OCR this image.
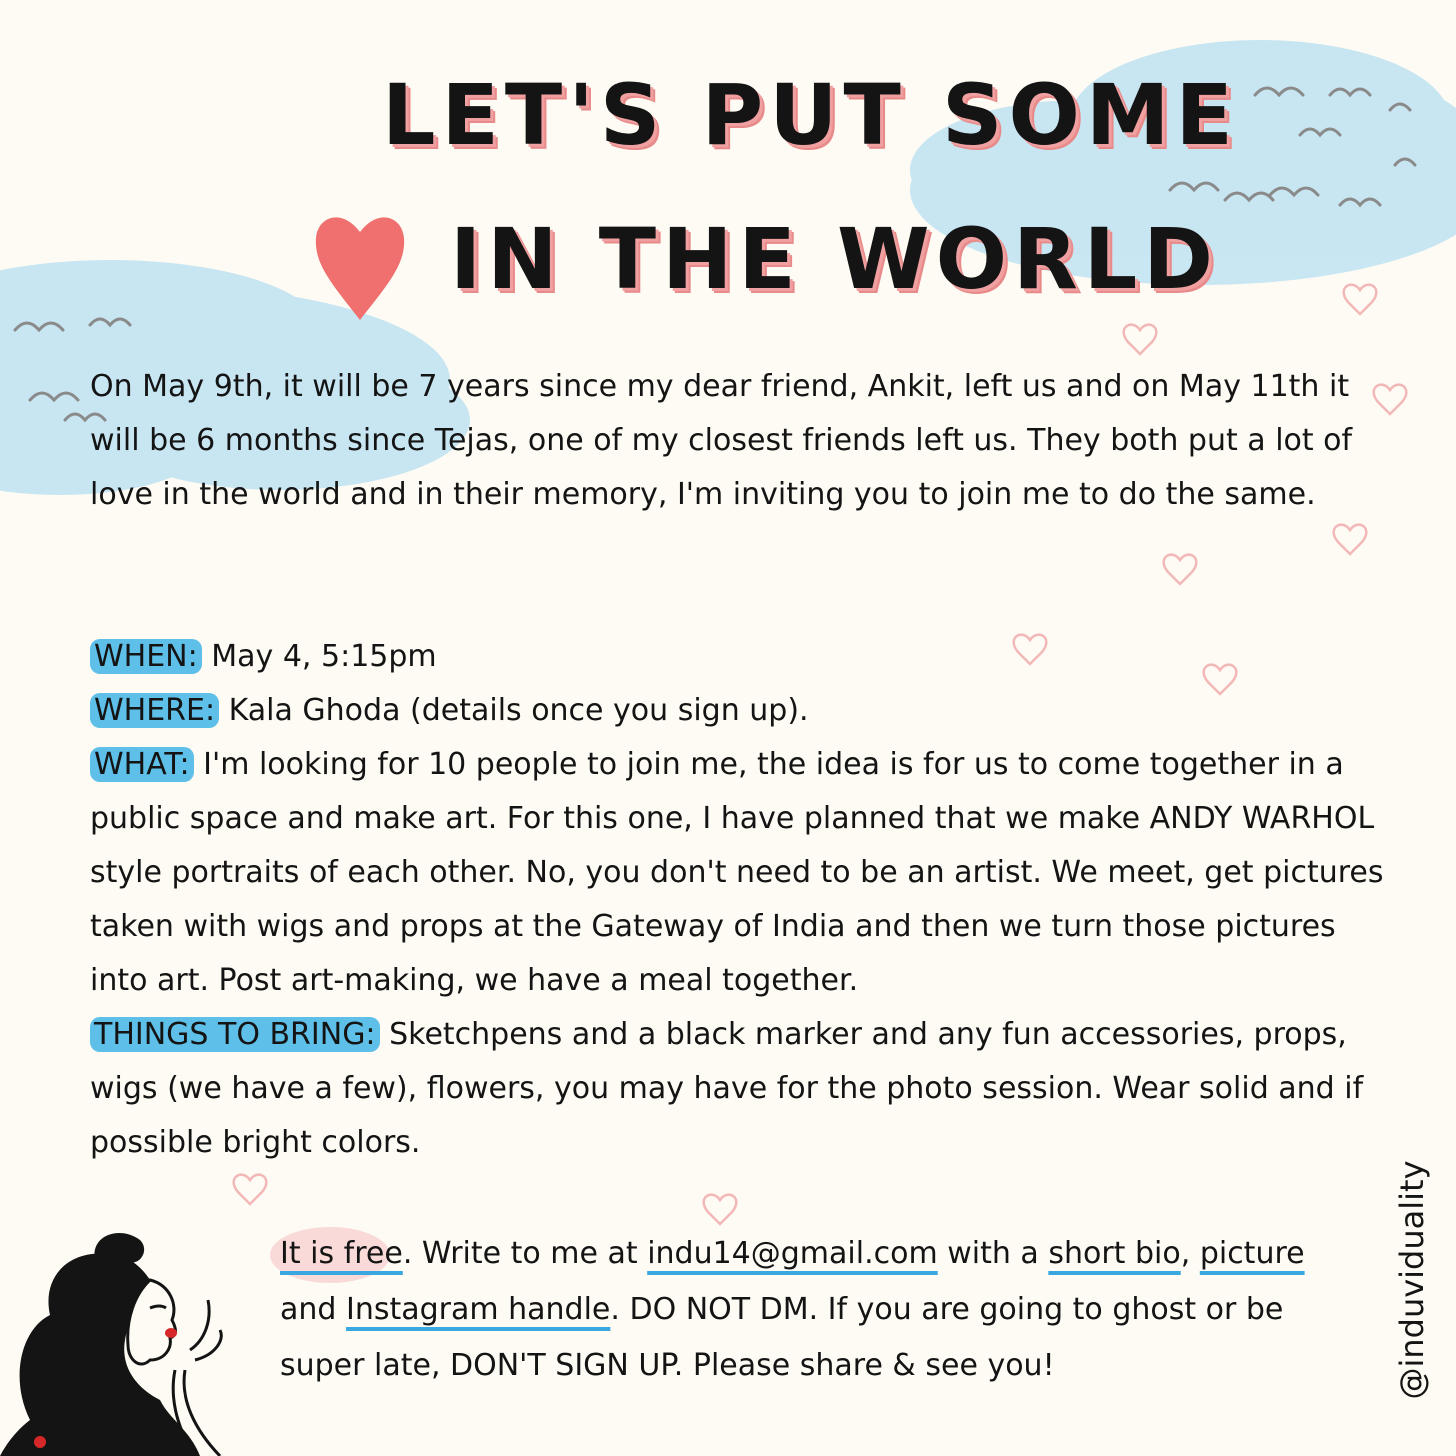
LET'S PUT SOME
IN THE WORLD

On May 9th, it will be 7 years since my dear friend, Ankit, left us and on May 11th it will be 6 months since Tejas, one of my closest friends left us. They both put a lot of love in the world and in their memory, I'm inviting you to join me to do the same.

WHEN: May 4, 5:15pm
WHERE: Kala Ghoda (details once you sign up).
WHAT: I'm looking for 10 people to join me, the idea is for us to come together in a public space and make art. For this one, I have planned that we make ANDY WARHOL style portraits of each other. No, you don't need to be an artist. We meet, get pictures taken with wigs and props at the Gateway of India and then we turn those pictures into art. Post art-making, we have a meal together.
THINGS TO BRING: Sketchpens and a black marker and any fun accessories, props, wigs (we have a few), flowers, you may have for the photo session. Wear solid and if possible bright colors.

It is free. Write to me at indu14@gmail.com with a short bio, picture and Instagram handle. DO NOT DM. If you are going to ghost or be super late, DON'T SIGN UP. Please share & see you!	@induviduality
